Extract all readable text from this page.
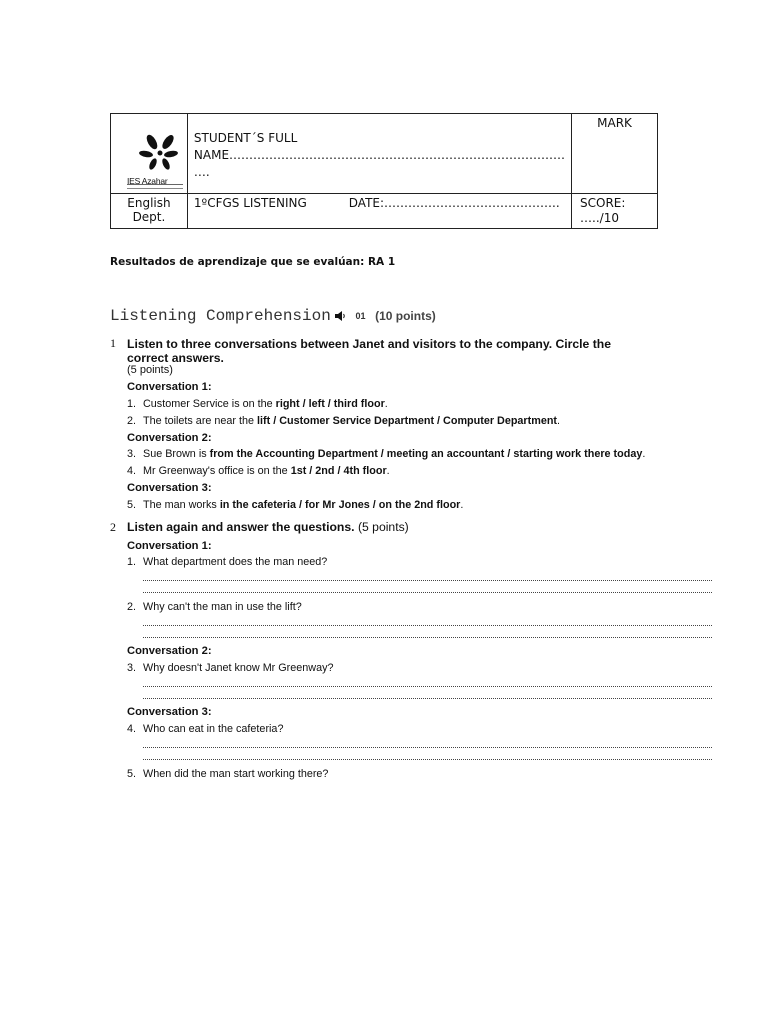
IES Azahar	STUDENT´S FULL
NAME………………………………………………………………………… ….	MARK
English Dept.	1ºCFGS LISTENING DATE:……………………………………..	SCORE:
…../10
Resultados de aprendizaje que se evalúan: RA 1
Listening Comprehension	01 (10 points)
1 Listen to three conversations between Janet and visitors to the company. Circle the
correct answers.
(5 points)
Conversation 1:
1. Customer Service is on the right / left / third floor.
2. The toilets are near the lift / Customer Service Department / Computer Department.
Conversation 2:
3. Sue Brown is from the Accounting Department / meeting an accountant / starting work there today.
4. Mr Greenway's office is on the 1st / 2nd / 4th floor.
Conversation 3:
5. The man works in the cafeteria / for Mr Jones / on the 2nd floor.
2 Listen again and answer the questions. (5 points)
Conversation 1:
1. What department does the man need?
2. Why can't the man in use the lift?
Conversation 2:
3. Why doesn't Janet know Mr Greenway?
Conversation 3:
4. Who can eat in the cafeteria?
5. When did the man start working there?
